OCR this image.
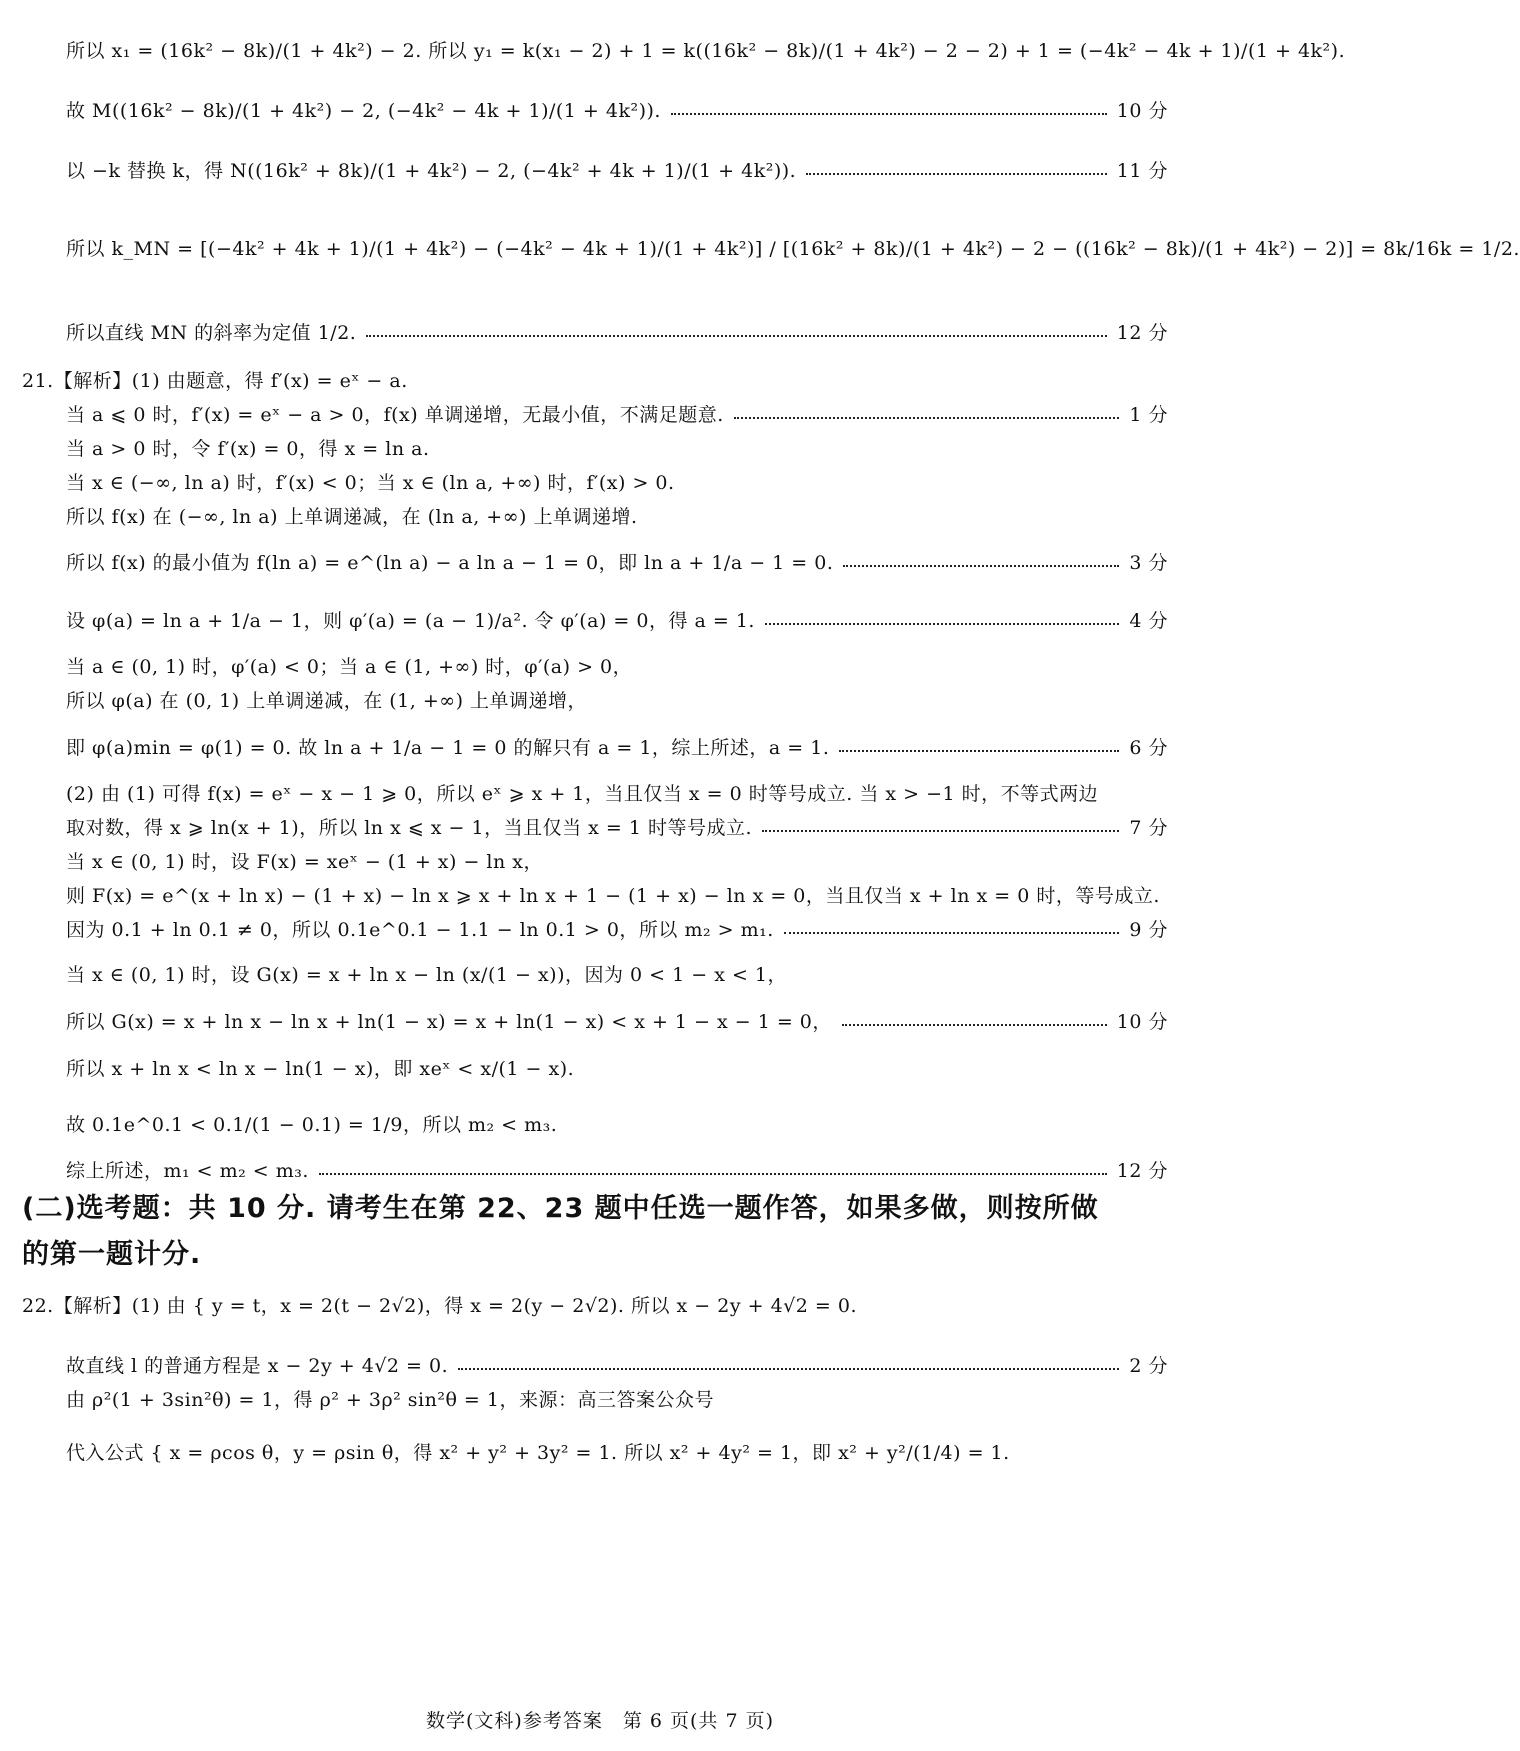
所以 x₁ = (16k² − 8k)/(1 + 4k²) − 2. 所以 y₁ = k(x₁ − 2) + 1 = k((16k² − 8k)/(1 + 4k²) − 2 − 2) + 1 = (−4k² − 4k + 1)/(1 + 4k²).
故 M((16k² − 8k)/(1 + 4k²) − 2, (−4k² − 4k + 1)/(1 + 4k²)).	10 分
以 −k 替换 k，得 N((16k² + 8k)/(1 + 4k²) − 2, (−4k² + 4k + 1)/(1 + 4k²)).	11 分
所以 k_MN = [(−4k² + 4k + 1)/(1 + 4k²) − (−4k² − 4k + 1)/(1 + 4k²)] / [(16k² + 8k)/(1 + 4k²) − 2 − ((16k² − 8k)/(1 + 4k²) − 2)] = 8k/16k = 1/2.
所以直线 MN 的斜率为定值 1/2.	12 分
21.【解析】(1) 由题意，得 f′(x) = eˣ − a.
当 a ⩽ 0 时，f′(x) = eˣ − a > 0，f(x) 单调递增，无最小值，不满足题意.	1 分
当 a > 0 时，令 f′(x) = 0，得 x = ln a.
当 x ∈ (−∞, ln a) 时，f′(x) < 0；当 x ∈ (ln a, +∞) 时，f′(x) > 0.
所以 f(x) 在 (−∞, ln a) 上单调递减，在 (ln a, +∞) 上单调递增.
所以 f(x) 的最小值为 f(ln a) = e^(ln a) − a ln a − 1 = 0，即 ln a + 1/a − 1 = 0.	3 分
设 φ(a) = ln a + 1/a − 1，则 φ′(a) = (a − 1)/a². 令 φ′(a) = 0，得 a = 1.	4 分
当 a ∈ (0, 1) 时，φ′(a) < 0；当 a ∈ (1, +∞) 时，φ′(a) > 0，
所以 φ(a) 在 (0, 1) 上单调递减，在 (1, +∞) 上单调递增，
即 φ(a)min = φ(1) = 0. 故 ln a + 1/a − 1 = 0 的解只有 a = 1，综上所述，a = 1.	6 分
(2) 由 (1) 可得 f(x) = eˣ − x − 1 ⩾ 0，所以 eˣ ⩾ x + 1，当且仅当 x = 0 时等号成立. 当 x > −1 时，不等式两边
取对数，得 x ⩾ ln(x + 1)，所以 ln x ⩽ x − 1，当且仅当 x = 1 时等号成立.	7 分
当 x ∈ (0, 1) 时，设 F(x) = xeˣ − (1 + x) − ln x，
则 F(x) = e^(x + ln x) − (1 + x) − ln x ⩾ x + ln x + 1 − (1 + x) − ln x = 0，当且仅当 x + ln x = 0 时，等号成立.
因为 0.1 + ln 0.1 ≠ 0，所以 0.1e^0.1 − 1.1 − ln 0.1 > 0，所以 m₂ > m₁.	9 分
当 x ∈ (0, 1) 时，设 G(x) = x + ln x − ln (x/(1 − x))，因为 0 < 1 − x < 1，
所以 G(x) = x + ln x − ln x + ln(1 − x) = x + ln(1 − x) < x + 1 − x − 1 = 0，	10 分
所以 x + ln x < ln x − ln(1 − x)，即 xeˣ < x/(1 − x).
故 0.1e^0.1 < 0.1/(1 − 0.1) = 1/9，所以 m₂ < m₃.
综上所述，m₁ < m₂ < m₃.	12 分
22.【解析】(1) 由 { y = t，x = 2(t − 2√2)，得 x = 2(y − 2√2). 所以 x − 2y + 4√2 = 0.
故直线 l 的普通方程是 x − 2y + 4√2 = 0.	2 分
由 ρ²(1 + 3sin²θ) = 1，得 ρ² + 3ρ² sin²θ = 1，来源：高三答案公众号
代入公式 { x = ρcos θ，y = ρsin θ，得 x² + y² + 3y² = 1. 所以 x² + 4y² = 1，即 x² + y²/(1/4) = 1.
(二)选考题：共 10 分. 请考生在第 22、23 题中任选一题作答，如果多做，则按所做
的第一题计分.
数学(文科)参考答案　第 6 页(共 7 页)
